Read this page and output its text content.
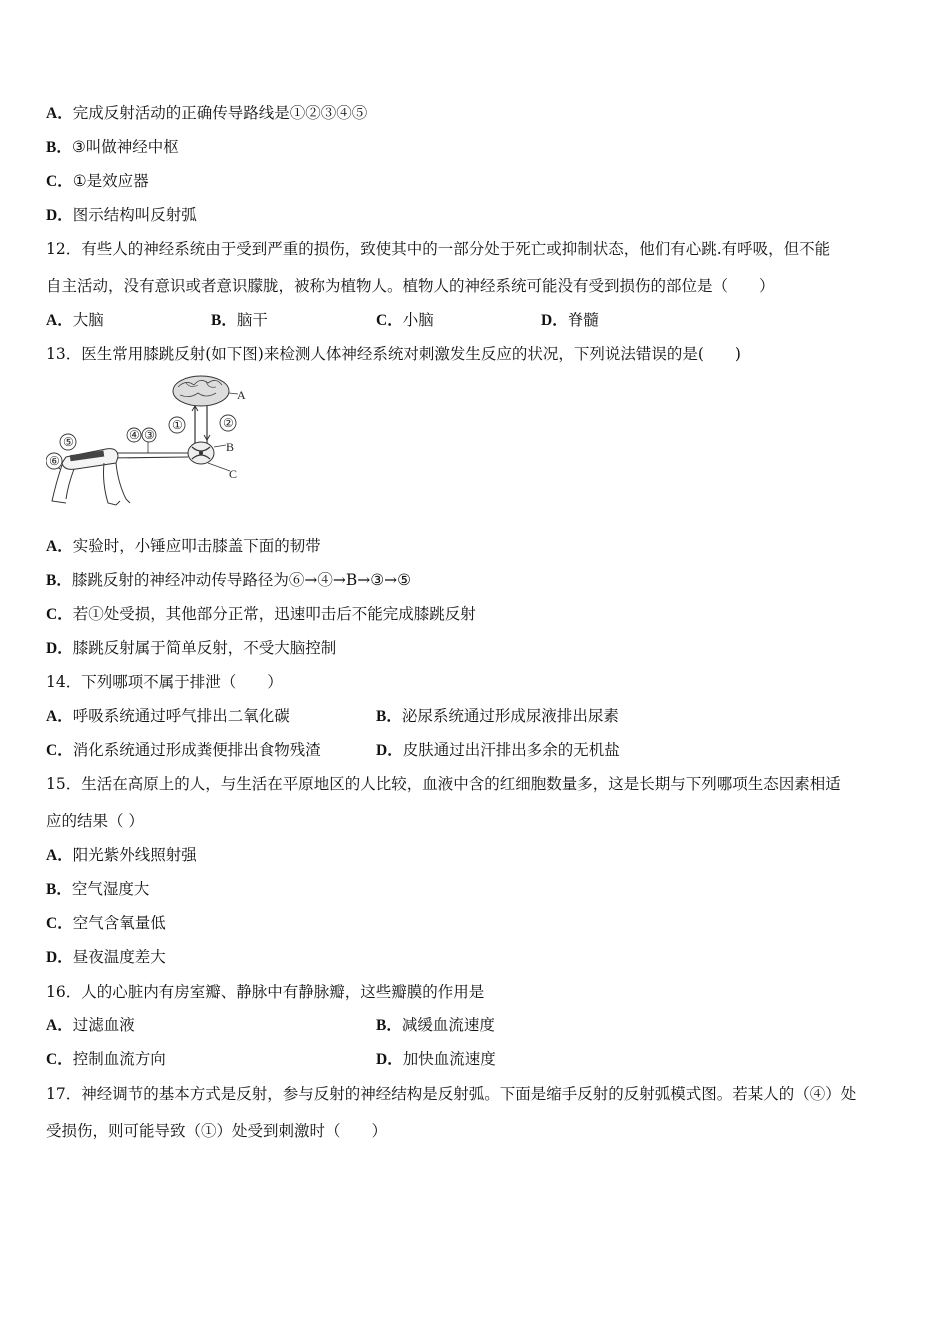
A．完成反射活动的正确传导路线是①②③④⑤
B．③叫做神经中枢
C．①是效应器
D．图示结构叫反射弧
12．有些人的神经系统由于受到严重的损伤，致使其中的一部分处于死亡或抑制状态，他们有心跳.有呼吸，但不能
自主活动，没有意识或者意识朦胧，被称为植物人。植物人的神经系统可能没有受到损伤的部位是（　　）
A．大脑	B．脑干	C．小脑	D．脊髓
13．医生常用膝跳反射(如下图)来检测人体神经系统对刺激发生反应的状况，下列说法错误的是(　　)
A
①	②
B
C
④ ③
⑤
⑥
A．实验时，小锤应叩击膝盖下面的韧带
B．膝跳反射的神经冲动传导路径为⑥→④→B→③→⑤
C．若①处受损，其他部分正常，迅速叩击后不能完成膝跳反射
D．膝跳反射属于简单反射，不受大脑控制
14．下列哪项不属于排泄（　　）
A．呼吸系统通过呼气排出二氧化碳	B．泌尿系统通过形成尿液排出尿素
C．消化系统通过形成粪便排出食物残渣	D．皮肤通过出汗排出多余的无机盐
15．生活在高原上的人，与生活在平原地区的人比较，血液中含的红细胞数量多，这是长期与下列哪项生态因素相适
应的结果（ ）
A．阳光紫外线照射强
B．空气湿度大
C．空气含氧量低
D．昼夜温度差大
16．人的心脏内有房室瓣、静脉中有静脉瓣，这些瓣膜的作用是
A．过滤血液	B．减缓血流速度
C．控制血流方向	D．加快血流速度
17．神经调节的基本方式是反射，参与反射的神经结构是反射弧。下面是缩手反射的反射弧模式图。若某人的（④）处
受损伤，则可能导致（①）处受到刺激时（　　）
